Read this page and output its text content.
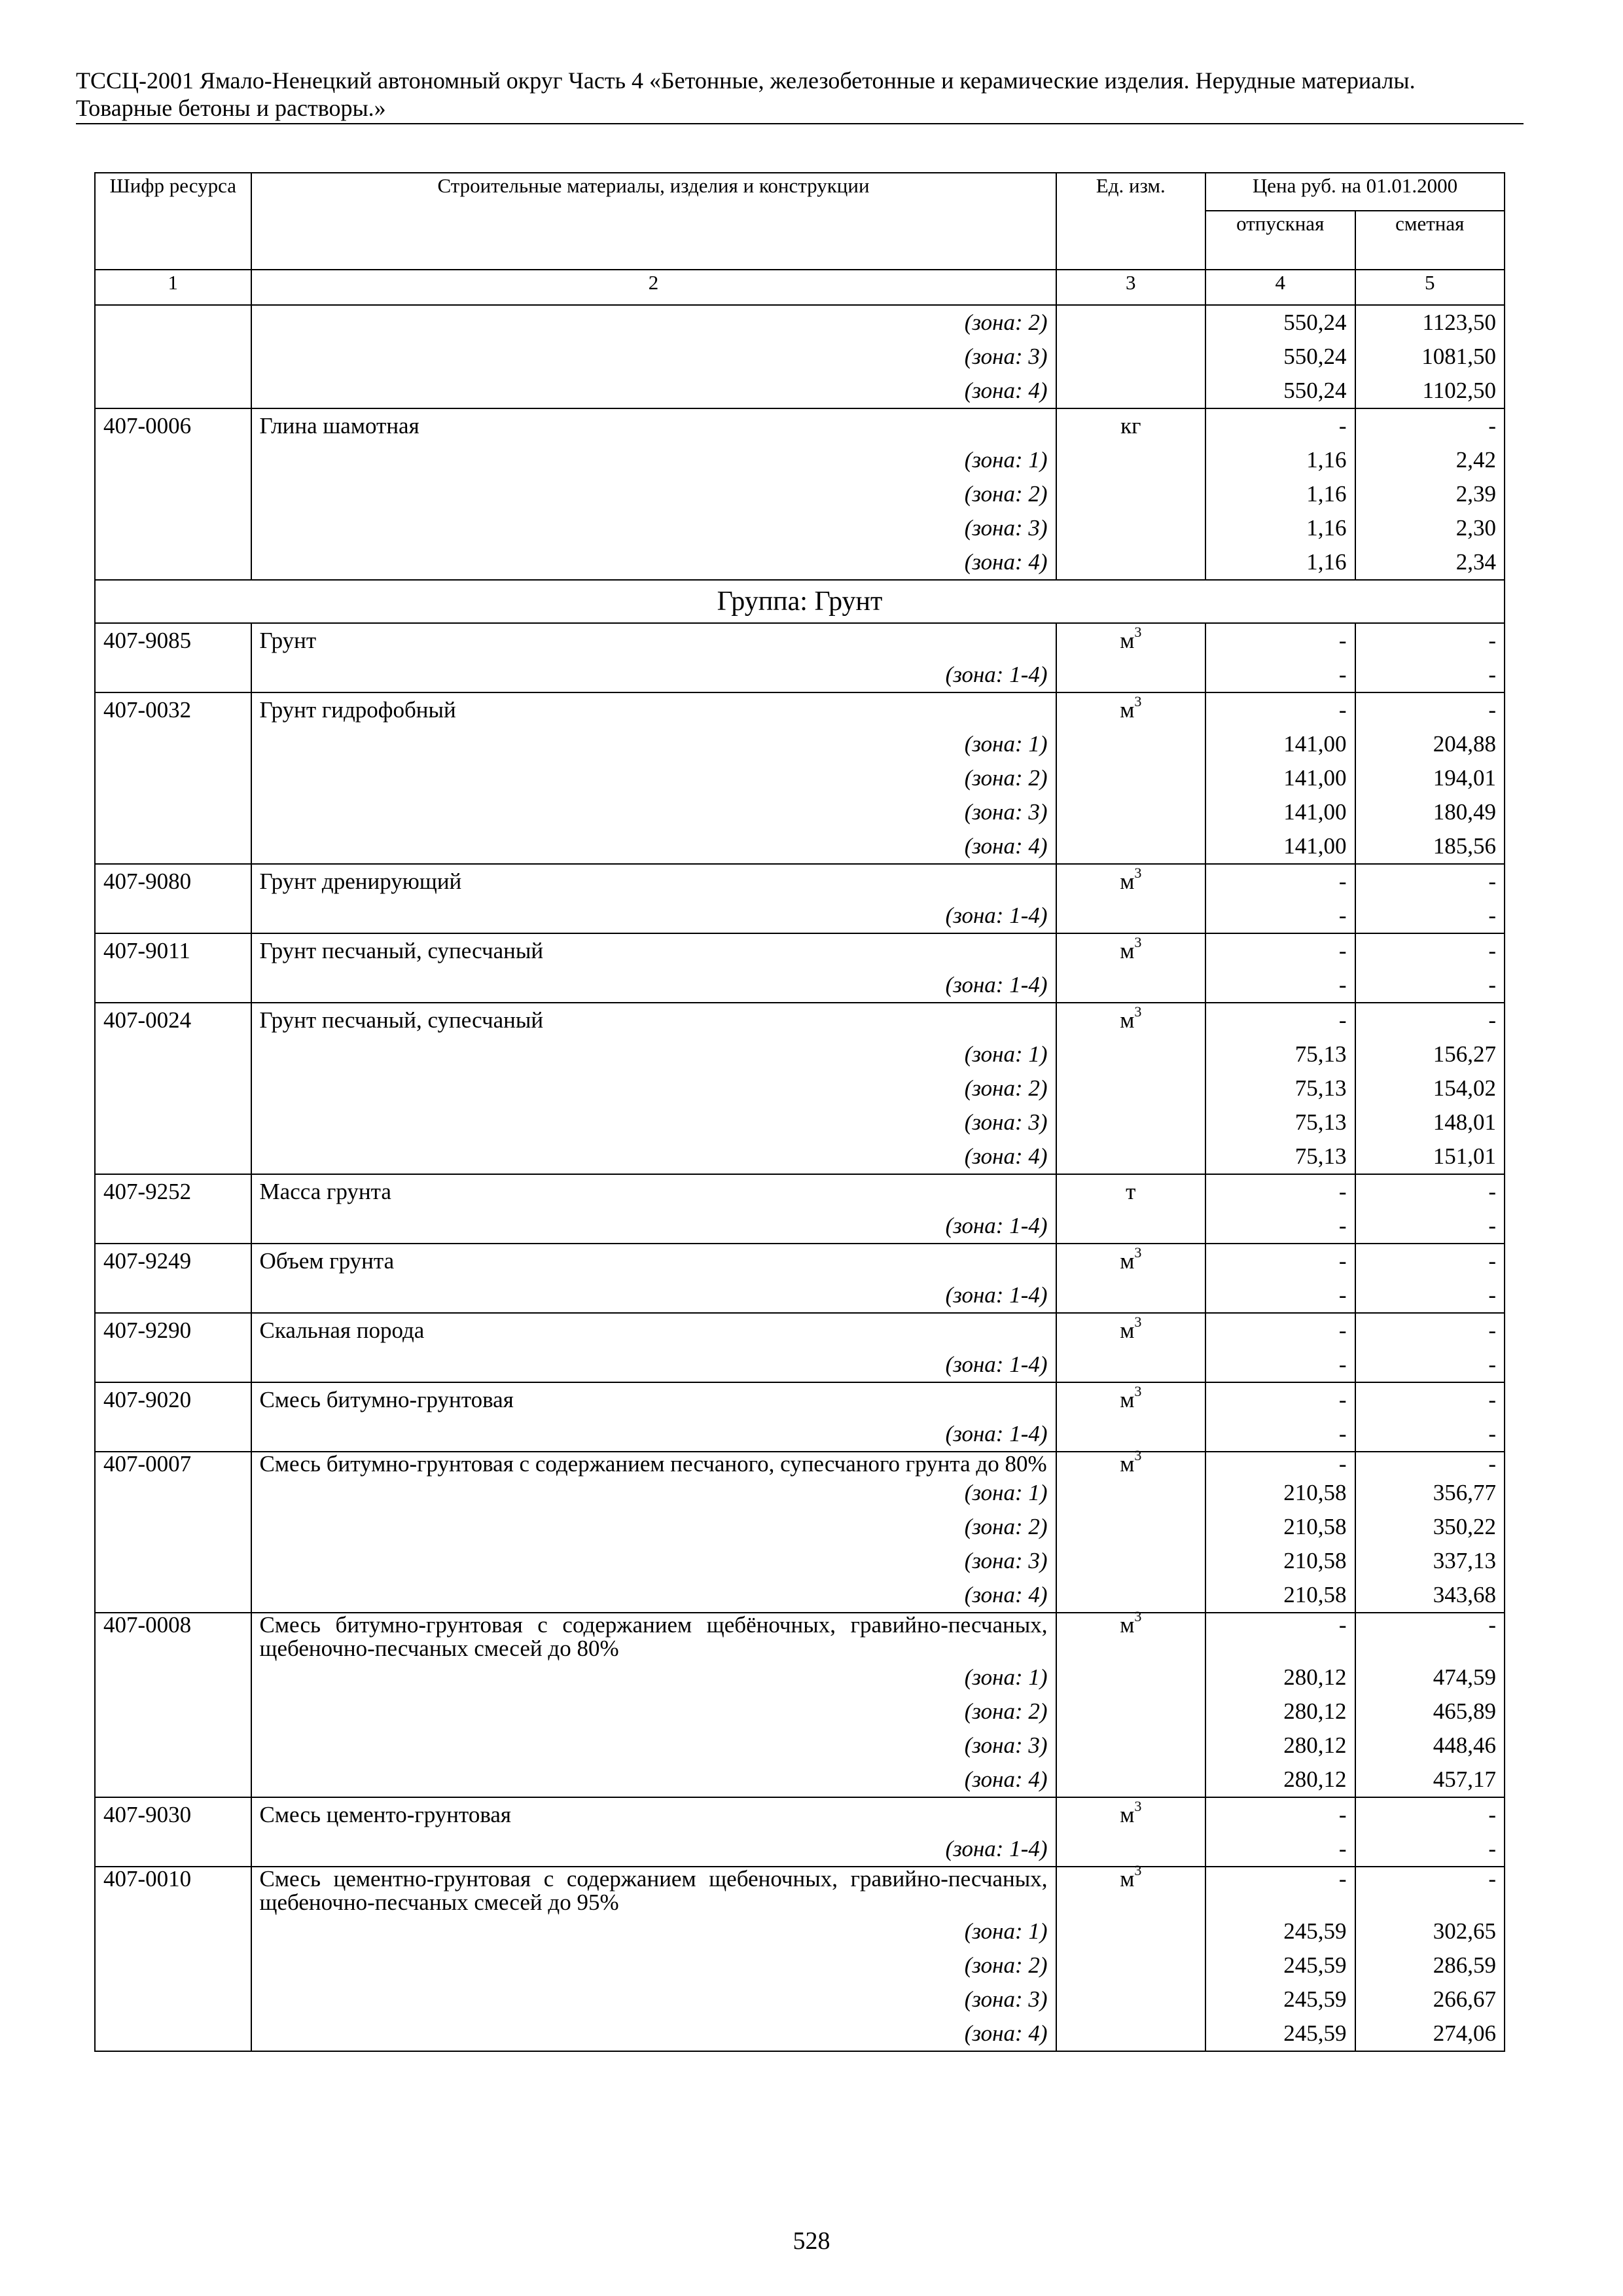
ТССЦ-2001 Ямало-Ненецкий автономный округ Часть 4 «Бетонные, железобетонные и керамические изделия. Нерудные материалы.
Товарные бетоны и растворы.»
Шифр ресурса	Строительные материалы, изделия и конструкции	Ед. изм.	Цена руб. на 01.01.2000	
			отпускная	сметная
1	2	3	4	5
	(зона: 2)		550,24	1123,50
	(зона: 3)		550,24	1081,50
	(зона: 4)		550,24	1102,50
407-0006	Глина шамотная	кг	-	-
	(зона: 1)		1,16	2,42
	(зона: 2)		1,16	2,39
	(зона: 3)		1,16	2,30
	(зона: 4)		1,16	2,34
Группа: Грунт				
407-9085	Грунт	$м^3$	-	-
	(зона: 1-4)		-	-
407-0032	Грунт гидрофобный	$м^3$	-	-
	(зона: 1)		141,00	204,88
	(зона: 2)		141,00	194,01
	(зона: 3)		141,00	180,49
	(зона: 4)		141,00	185,56
407-9080	Грунт дренирующий	$м^3$	-	-
	(зона: 1-4)		-	-
407-9011	Грунт песчаный, супесчаный	$м^3$	-	-
	(зона: 1-4)		-	-
407-0024	Грунт песчаный, супесчаный	$м^3$	-	-
	(зона: 1)		75,13	156,27
	(зона: 2)		75,13	154,02
	(зона: 3)		75,13	148,01
	(зона: 4)		75,13	151,01
407-9252	Масса грунта	т	-	-
	(зона: 1-4)		-	-
407-9249	Объем грунта	$м^3$	-	-
	(зона: 1-4)		-	-
407-9290	Скальная порода	$м^3$	-	-
	(зона: 1-4)		-	-
407-9020	Смесь битумно-грунтовая	$м^3$	-	-
	(зона: 1-4)		-	-
407-0007	Смесь битумно-грунтовая с содержанием песчаного, супесчаного грунта до 80%	$м^3$	-	-
	(зона: 1)		210,58	356,77
	(зона: 2)		210,58	350,22
	(зона: 3)		210,58	337,13
	(зона: 4)		210,58	343,68
407-0008	Смесь битумно-грунтовая с содержанием щебёночных, гравийно-песчаных, щебеночно-песчаных смесей до 80%	$м^3$	-	-
	(зона: 1)		280,12	474,59
	(зона: 2)		280,12	465,89
	(зона: 3)		280,12	448,46
	(зона: 4)		280,12	457,17
407-9030	Смесь цементо-грунтовая	$м^3$	-	-
	(зона: 1-4)		-	-
407-0010	Смесь цементно-грунтовая с содержанием щебеночных, гравийно-песчаных, щебеночно-песчаных смесей до 95%	$м^3$	-	-
	(зона: 1)		245,59	302,65
	(зона: 2)		245,59	286,59
	(зона: 3)		245,59	266,67
	(зона: 4)		245,59	274,06
528
